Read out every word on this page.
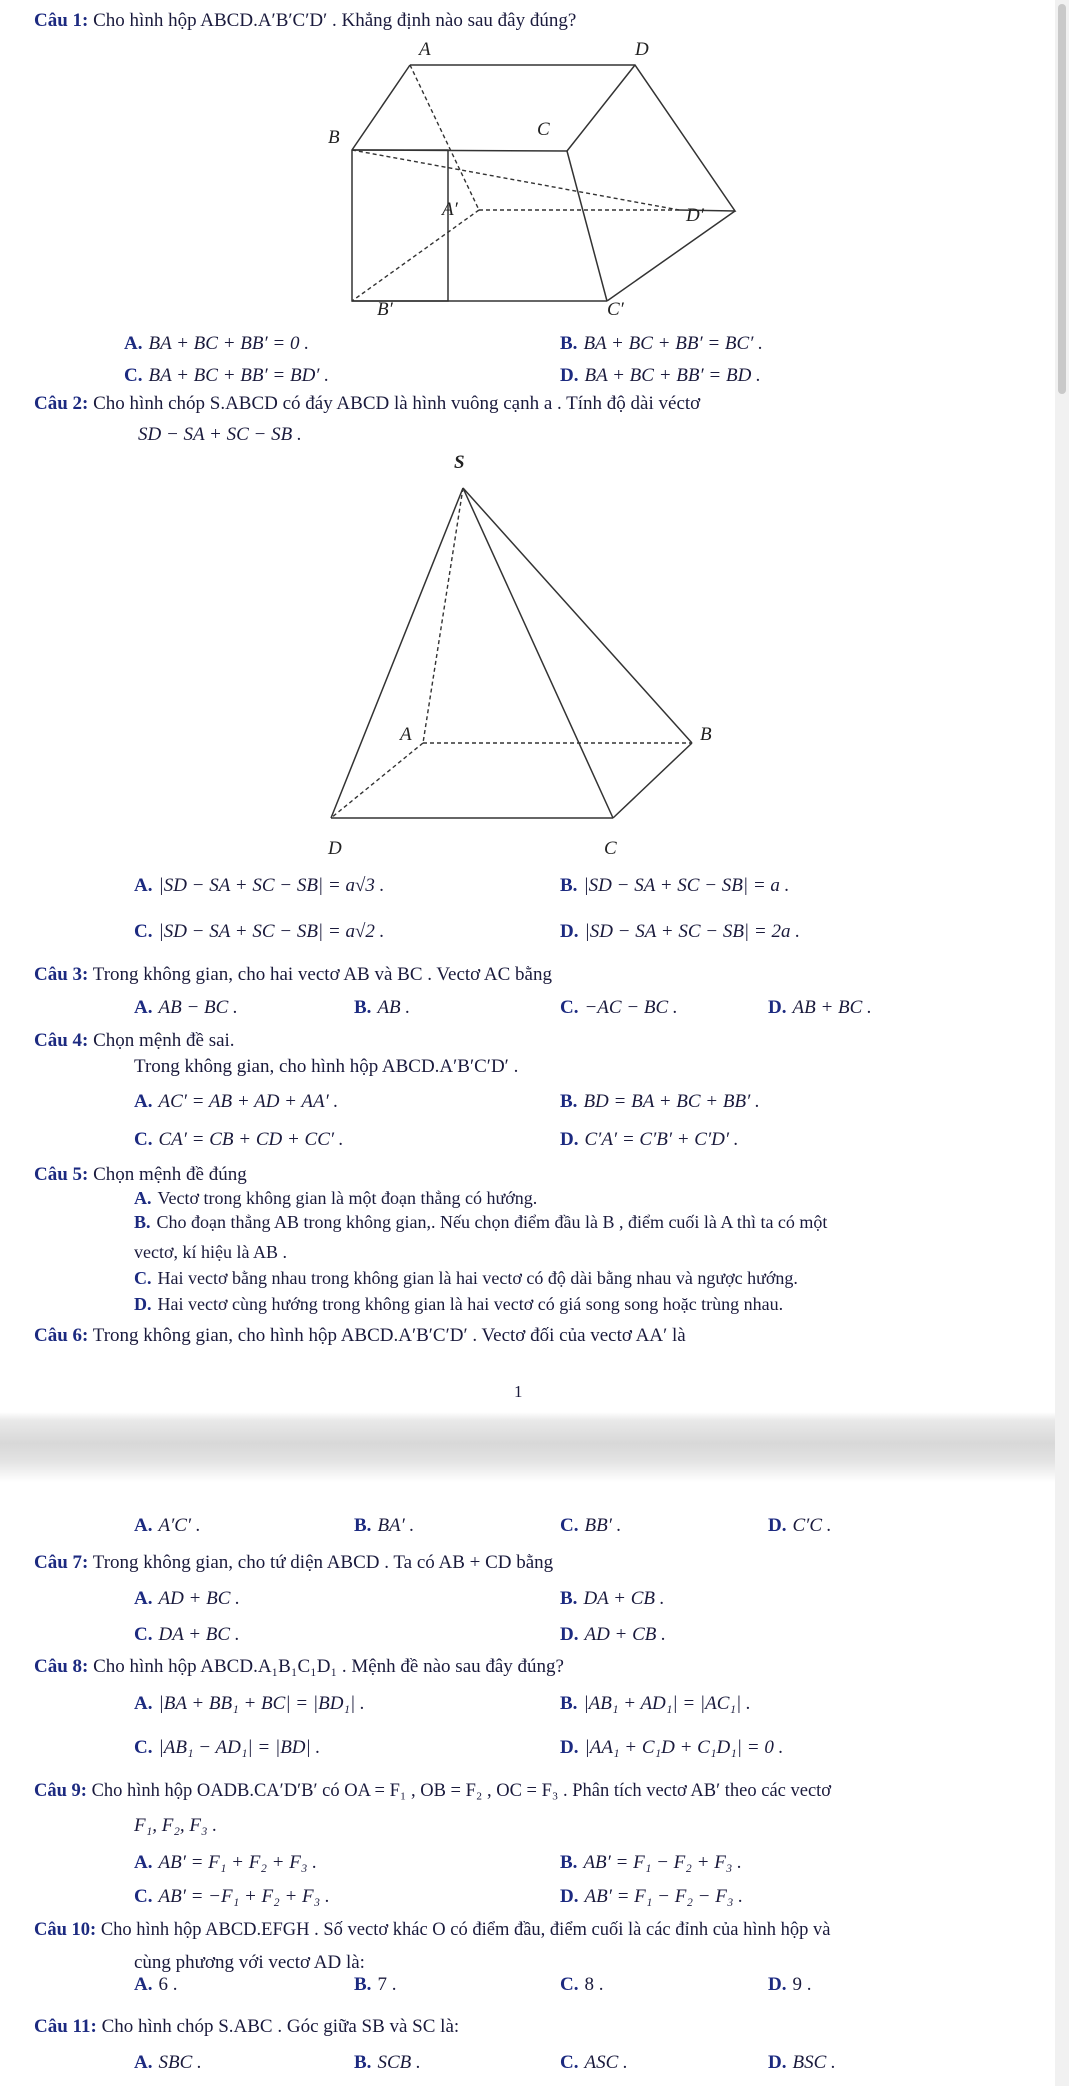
Câu 1: Cho hình hộp ABCD.A′B′C′D′ . Khẳng định nào sau đây đúng?
A	D
B	C
A′	D′
B′	C′
A. BA + BC + BB′ = 0 .	B. BA + BC + BB′ = BC′ .
C. BA + BC + BB′ = BD′ .	D. BA + BC + BB′ = BD .
Câu 2: Cho hình chóp S.ABCD có đáy ABCD là hình vuông cạnh a . Tính độ dài véctơ
SD − SA + SC − SB .
S
A	B
D	C
A. |SD − SA + SC − SB| = a√3 .	B. |SD − SA + SC − SB| = a .
C. |SD − SA + SC − SB| = a√2 .	D. |SD − SA + SC − SB| = 2a .
Câu 3: Trong không gian, cho hai vectơ AB và BC . Vectơ AC bằng
A. AB − BC .	B. AB .	C. −AC − BC .	D. AB + BC .
Câu 4: Chọn mệnh đề sai.
Trong không gian, cho hình hộp ABCD.A′B′C′D′ .
A. AC′ = AB + AD + AA′ .	B. BD = BA + BC + BB′ .
C. CA′ = CB + CD + CC′ .	D. C′A′ = C′B′ + C′D′ .
Câu 5: Chọn mệnh đề đúng
A. Vectơ trong không gian là một đoạn thẳng có hướng.
B. Cho đoạn thẳng AB trong không gian,. Nếu chọn điểm đầu là B , điểm cuối là A thì ta có một
vectơ, kí hiệu là AB .
C. Hai vectơ bằng nhau trong không gian là hai vectơ có độ dài bằng nhau và ngược hướng.
D. Hai vectơ cùng hướng trong không gian là hai vectơ có giá song song hoặc trùng nhau.
Câu 6: Trong không gian, cho hình hộp ABCD.A′B′C′D′ . Vectơ đối của vectơ AA′ là
1
A. A′C′ .	B. BA′ .	C. BB′ .	D. C′C .
Câu 7: Trong không gian, cho tứ diện ABCD . Ta có AB + CD bằng
A. AD + BC .	B. DA + CB .
C. DA + BC .	D. AD + CB .
Câu 8: Cho hình hộp ABCD.A₁B₁C₁D₁ . Mệnh đề nào sau đây đúng?
A. |BA + BB₁ + BC| = |BD₁| .	B. |AB₁ + AD₁| = |AC₁| .
C. |AB₁ − AD₁| = |BD| .	D. |AA₁ + C₁D + C₁D₁| = 0 .
Câu 9: Cho hình hộp OADB.CA′D′B′ có OA = F₁ , OB = F₂ , OC = F₃ . Phân tích vectơ AB′ theo các vectơ
F₁, F₂, F₃ .
A. AB′ = F₁ + F₂ + F₃ .	B. AB′ = F₁ − F₂ + F₃ .
C. AB′ = −F₁ + F₂ + F₃ .	D. AB′ = F₁ − F₂ − F₃ .
Câu 10: Cho hình hộp ABCD.EFGH . Số vectơ khác O có điểm đầu, điểm cuối là các đỉnh của hình hộp và
cùng phương với vectơ AD là:
A. 6 .	B. 7 .	C. 8 .	D. 9 .
Câu 11: Cho hình chóp S.ABC . Góc giữa SB và SC là:
A. SBC .	B. SCB .	C. ASC .	D. BSC .
